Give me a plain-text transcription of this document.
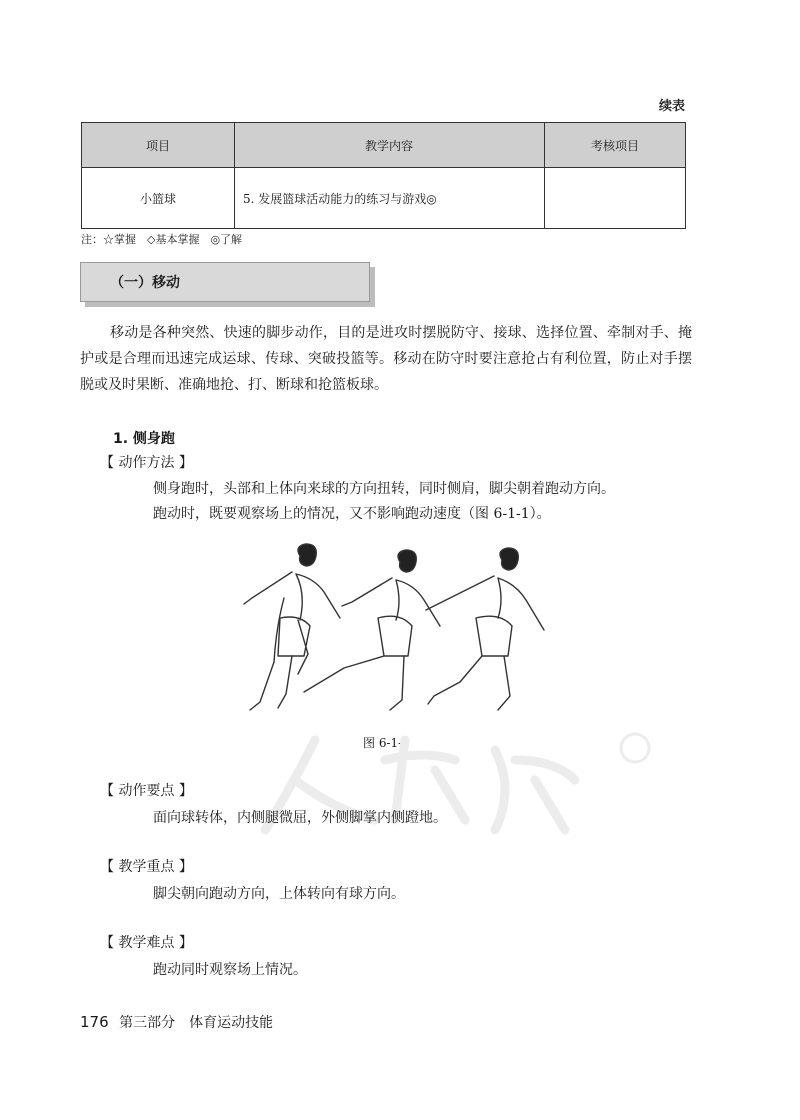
续表
项目	教学内容	考核项目
小篮球	5. 发展篮球活动能力的练习与游戏◎	
注：☆掌握　◇基本掌握　◎了解
（一）移动

移动是各种突然、快速的脚步动作，目的是进攻时摆脱防守、接球、选择位置、牵制对手、掩护或是合理而迅速完成运球、传球、突破投篮等。移动在防守时要注意抢占有利位置，防止对手摆脱或及时果断、准确地抢、打、断球和抢篮板球。

1. 侧身跑
【 动作方法 】
侧身跑时，头部和上体向来球的方向扭转，同时侧肩，脚尖朝着跑动方向。
跑动时，既要观察场上的情况，又不影响跑动速度（图 6-1-1）。
图 6-1-1
【 动作要点 】
面向球转体，内侧腿微屈，外侧脚掌内侧蹬地。
【 教学重点 】
脚尖朝向跑动方向，上体转向有球方向。
【 教学难点 】
跑动同时观察场上情况。
176 第三部分　体育运动技能
